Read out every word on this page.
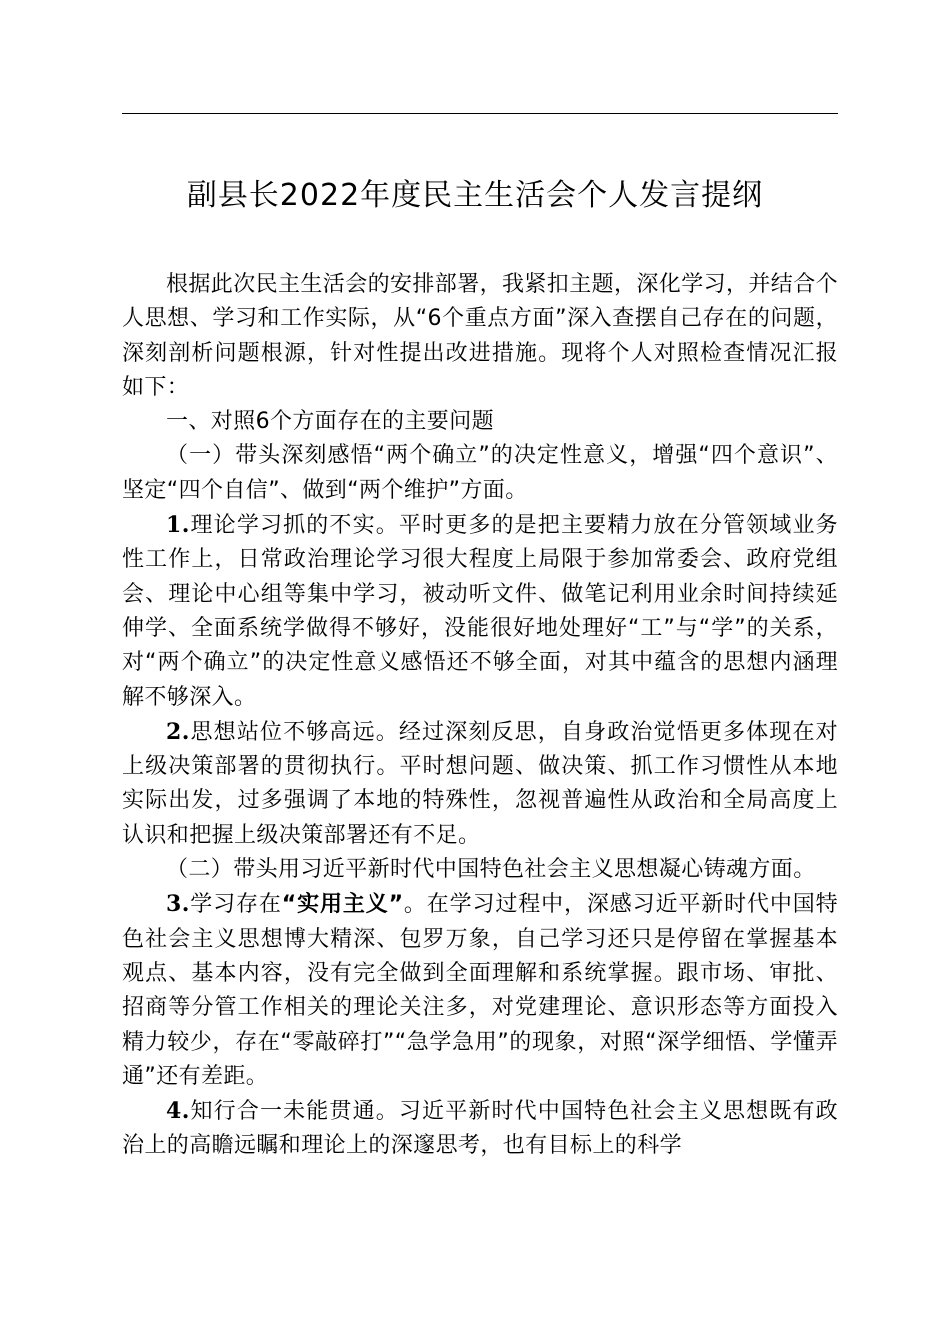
副县长2022年度民主生活会个人发言提纲

根据此次民主生活会的安排部署，我紧扣主题，深化学习，并结合个人思想、学习和工作实际，从“6个重点方面”深入查摆自己存在的问题，深刻剖析问题根源，针对性提出改进措施。现将个人对照检查情况汇报如下：

一、对照6个方面存在的主要问题

（一）带头深刻感悟“两个确立”的决定性意义，增强“四个意识”、坚定“四个自信”、做到“两个维护”方面。

1.理论学习抓的不实。平时更多的是把主要精力放在分管领域业务性工作上，日常政治理论学习很大程度上局限于参加常委会、政府党组会、理论中心组等集中学习，被动听文件、做笔记利用业余时间持续延伸学、全面系统学做得不够好，没能很好地处理好“工”与“学”的关系，对“两个确立”的决定性意义感悟还不够全面，对其中蕴含的思想内涵理解不够深入。

2.思想站位不够高远。经过深刻反思，自身政治觉悟更多体现在对上级决策部署的贯彻执行。平时想问题、做决策、抓工作习惯性从本地实际出发，过多强调了本地的特殊性，忽视普遍性从政治和全局高度上认识和把握上级决策部署还有不足。

（二）带头用习近平新时代中国特色社会主义思想凝心铸魂方面。

3.学习存在“实用主义”。在学习过程中，深感习近平新时代中国特色社会主义思想博大精深、包罗万象，自己学习还只是停留在掌握基本观点、基本内容，没有完全做到全面理解和系统掌握。跟市场、审批、招商等分管工作相关的理论关注多，对党建理论、意识形态等方面投入精力较少，存在“零敲碎打”“急学急用”的现象，对照“深学细悟、学懂弄通”还有差距。

4.知行合一未能贯通。习近平新时代中国特色社会主义思想既有政治上的高瞻远瞩和理论上的深邃思考，也有目标上的科学
